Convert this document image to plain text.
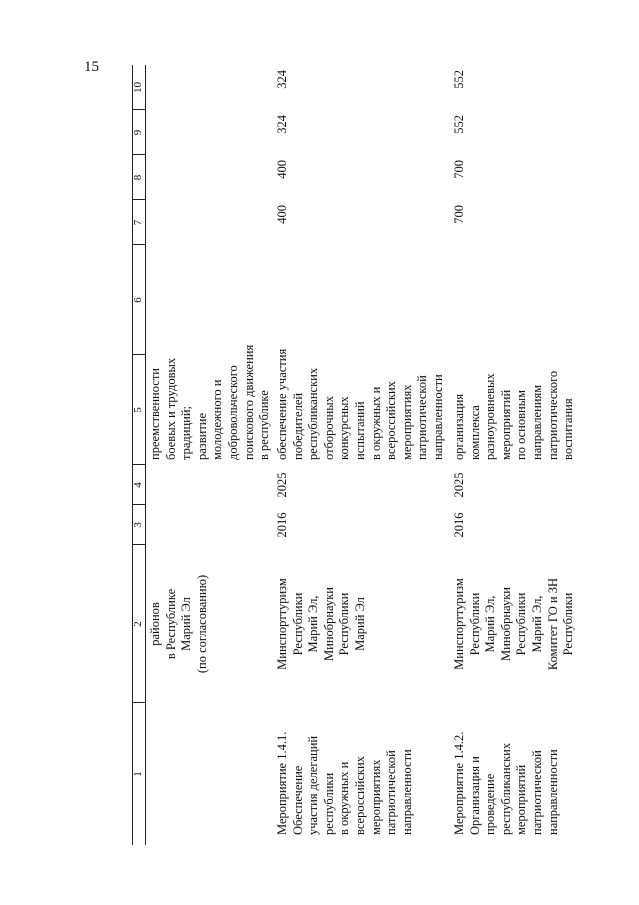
15
1
2
3
4
5
6
7
8
9
10
районов в Республике Марий Эл (по согласованию)
преемственности боевых и трудовых традиций; развитие молодежного и добровольческого поискового движения в республике
Мероприятие 1.4.1. Обеспечение участия делегаций республики в окружных и всероссийских мероприятиях патриотической направленности
Минспорттуризм Республики Марий Эл, Минобрнауки Республики Марий Эл
2016
2025
обеспечение участия победителей республиканских отборочных конкурсных испытаний в окружных и всероссийских мероприятиях патриотической направленности
400
400
324
324
Мероприятие 1.4.2. Организация и проведение республиканских мероприятий патриотической направленности
Минспорттуризм Республики Марий Эл, Минобрнауки Республики Марий Эл, Комитет ГО и ЗН Республики
2016
2025
организация комплекса разноуровневых мероприятий по основным направлениям патриотического воспитания
700
700
552
552
